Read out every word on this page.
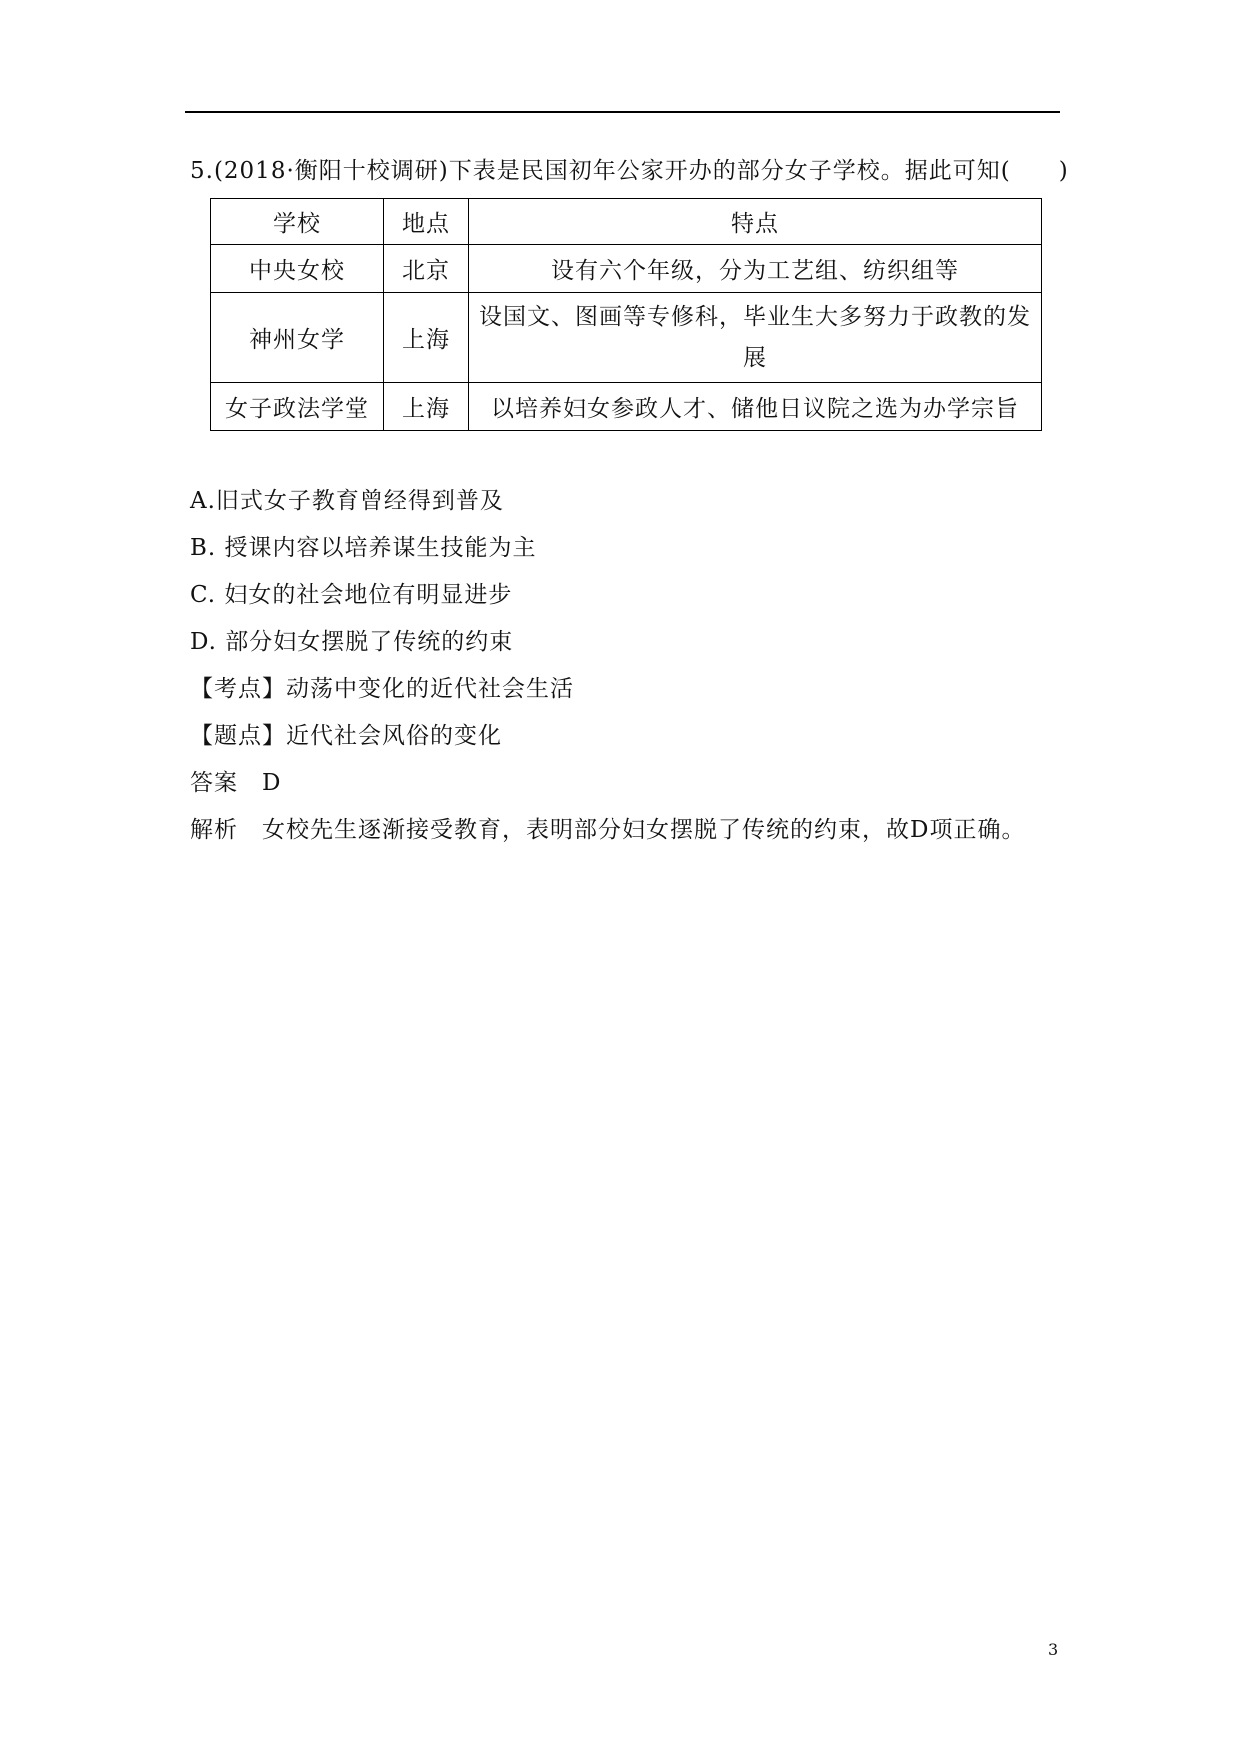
5.(2018·衡阳十校调研)下表是民国初年公家开办的部分女子学校。据此可知(　　)
学校	地点	特点
中央女校	北京	设有六个年级，分为工艺组、纺织组等
神州女学	上海	设国文、图画等专修科，毕业生大多努力于政教的发展
女子政法学堂	上海	以培养妇女参政人才、储他日议院之选为办学宗旨
A.旧式女子教育曾经得到普及
B. 授课内容以培养谋生技能为主
C. 妇女的社会地位有明显进步
D. 部分妇女摆脱了传统的约束
【考点】动荡中变化的近代社会生活
【题点】近代社会风俗的变化
答案　D
解析　女校先生逐渐接受教育，表明部分妇女摆脱了传统的约束，故D项正确。
3
